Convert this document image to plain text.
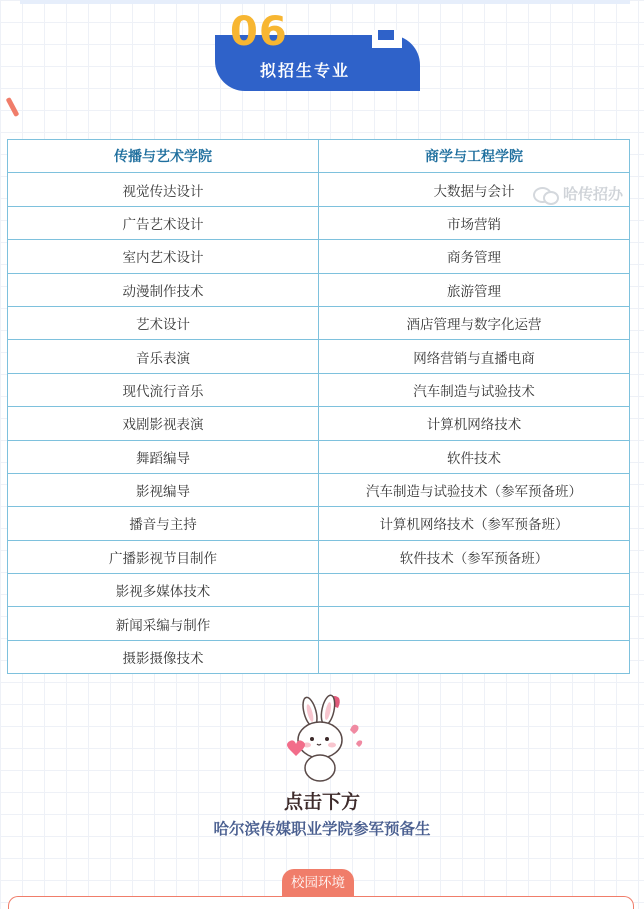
06
拟招生专业
传播与艺术学院	商学与工程学院
视觉传达设计	大数据与会计
广告艺术设计	市场营销
室内艺术设计	商务管理
动漫制作技术	旅游管理
艺术设计	酒店管理与数字化运营
音乐表演	网络营销与直播电商
现代流行音乐	汽车制造与试验技术
戏剧影视表演	计算机网络技术
舞蹈编导	软件技术
影视编导	汽车制造与试验技术（参军预备班）
播音与主持	计算机网络技术（参军预备班）
广播影视节目制作	软件技术（参军预备班）
影视多媒体技术	
新闻采编与制作	
摄影摄像技术	
哈传招办
点击下方
哈尔滨传媒职业学院参军预备生
校园环境
